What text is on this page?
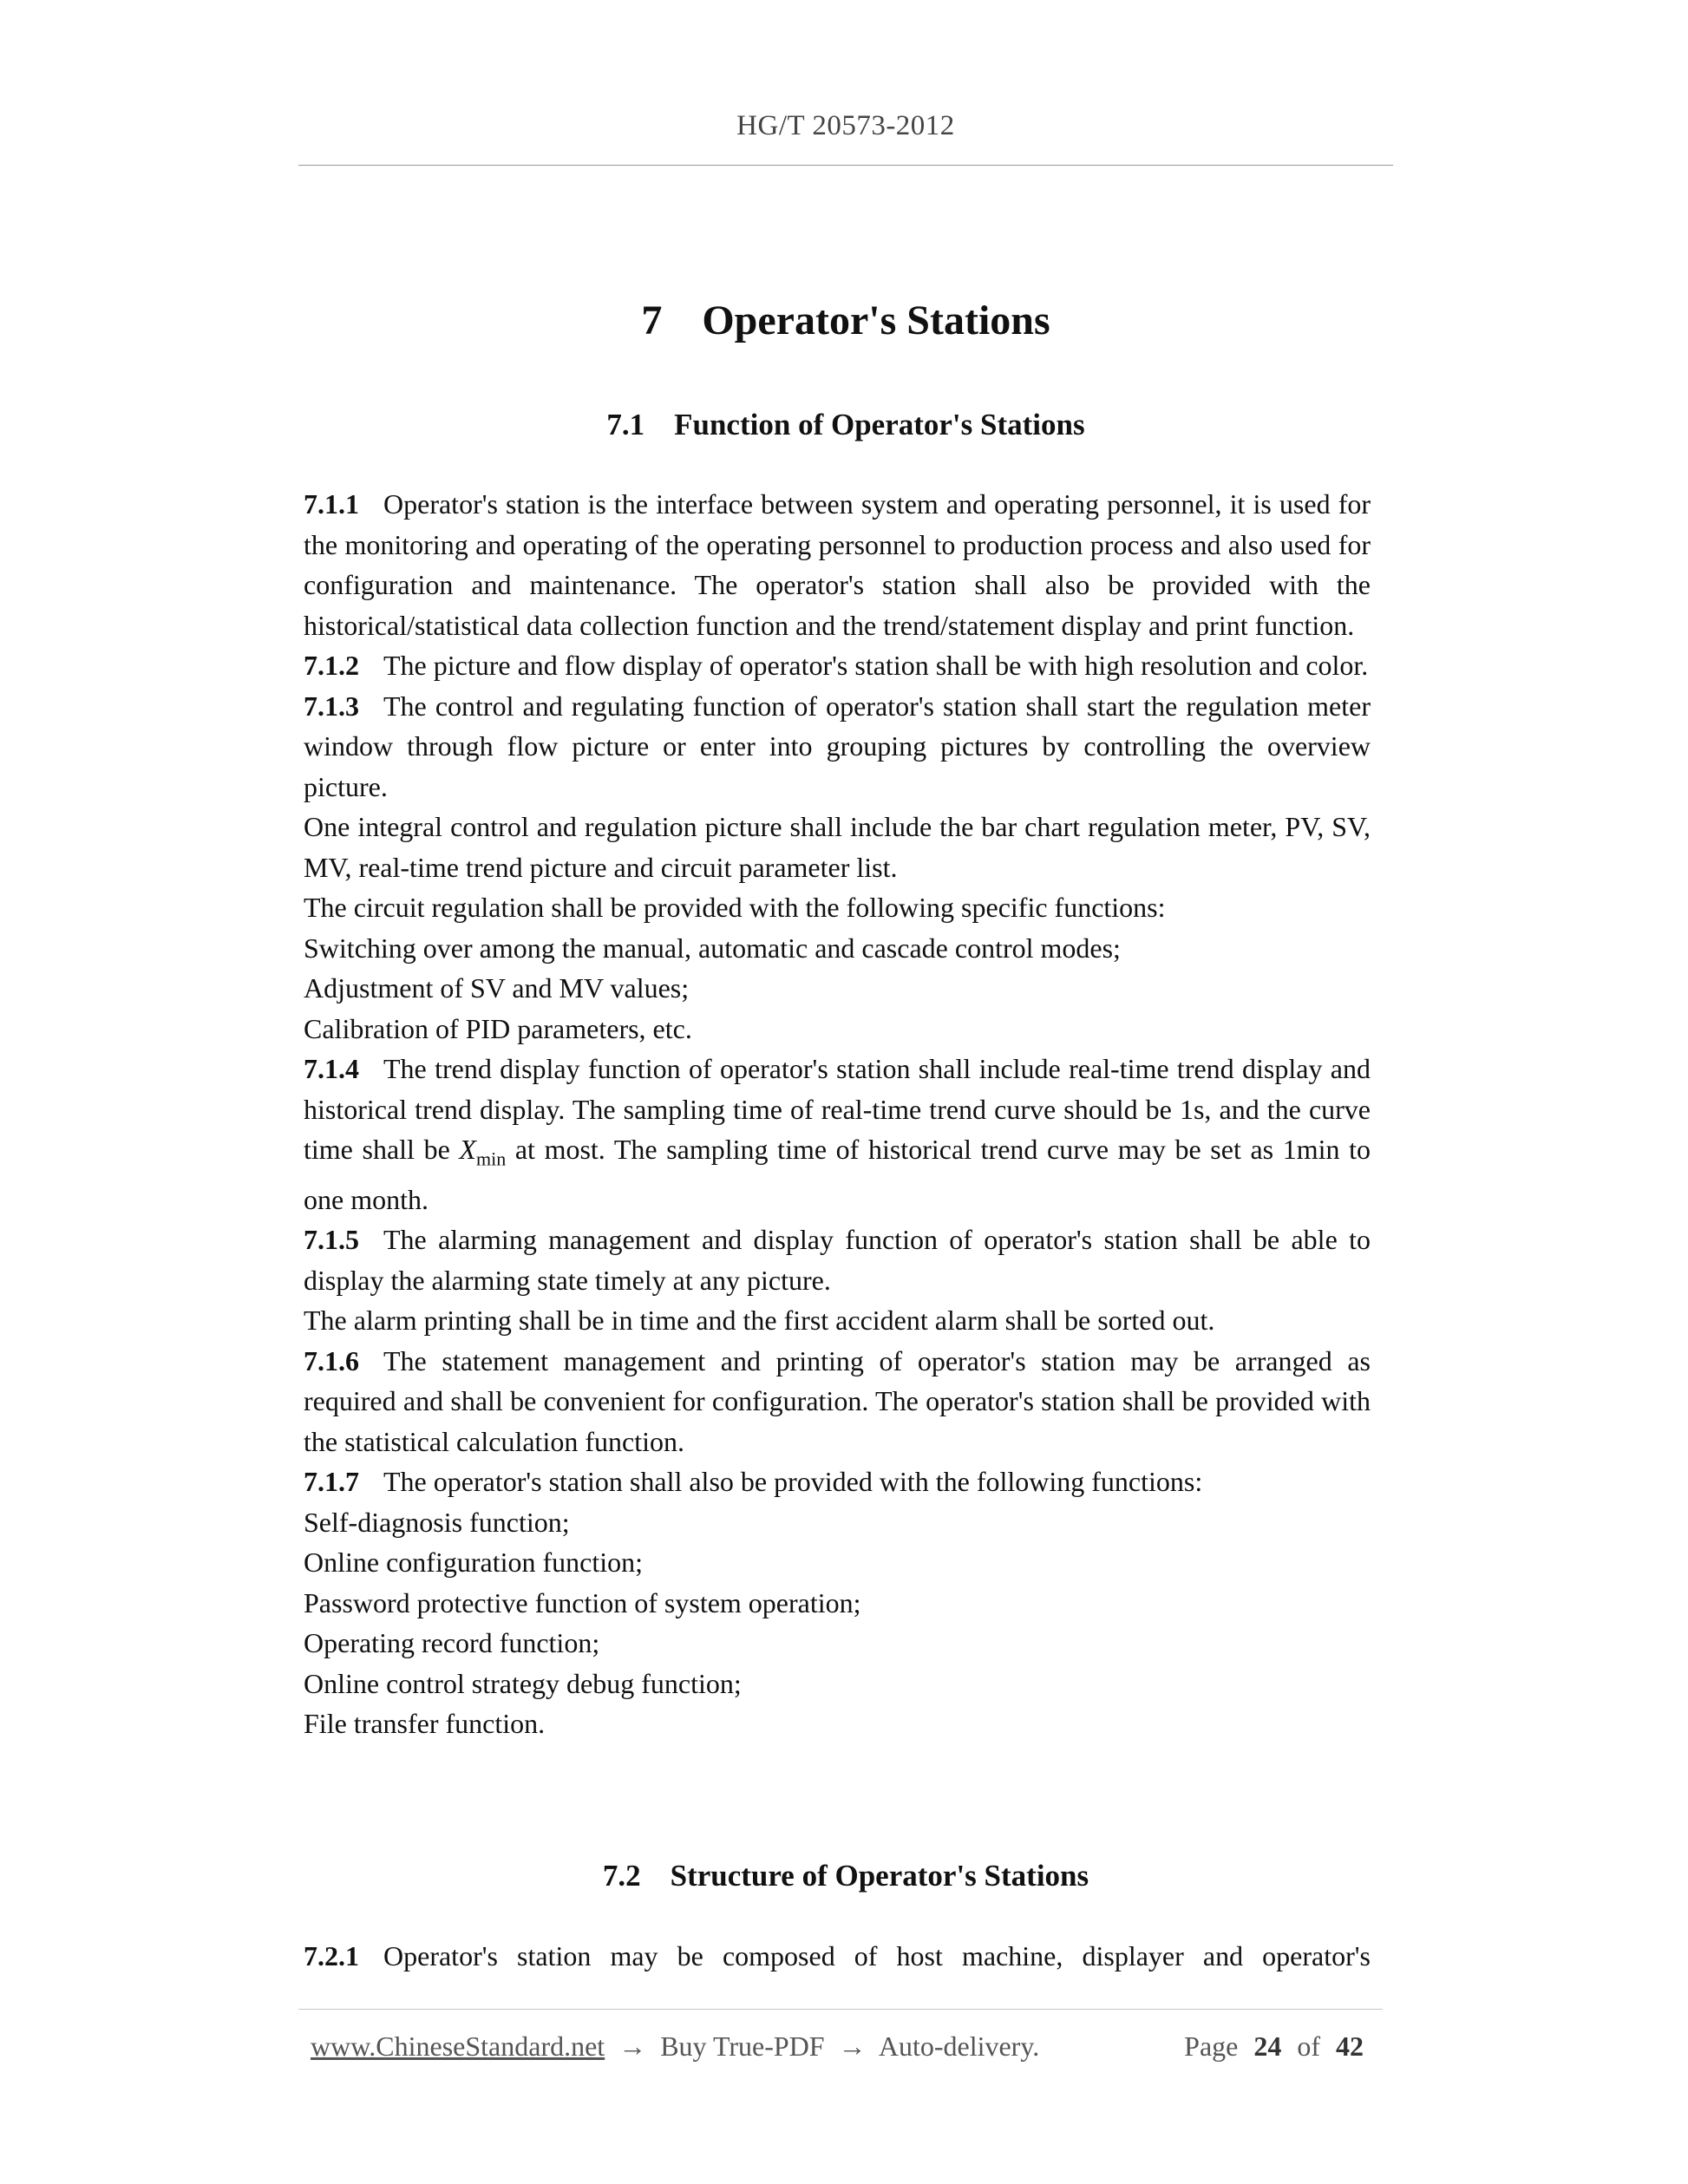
HG/T 20573-2012
7 Operator's Stations
7.1 Function of Operator's Stations

7.1.1 Operator's station is the interface between system and operating personnel, it is used for the monitoring and operating of the operating personnel to production process and also used for configuration and maintenance. The operator's station shall also be provided with the historical/statistical data collection function and the trend/statement display and print function.

7.1.2 The picture and flow display of operator's station shall be with high resolution and color.

7.1.3 The control and regulating function of operator's station shall start the regulation meter window through flow picture or enter into grouping pictures by controlling the overview picture.

One integral control and regulation picture shall include the bar chart regulation meter, PV, SV, MV, real-time trend picture and circuit parameter list.

The circuit regulation shall be provided with the following specific functions:

Switching over among the manual, automatic and cascade control modes;

Adjustment of SV and MV values;

Calibration of PID parameters, etc.

7.1.4 The trend display function of operator's station shall include real-time trend display and historical trend display. The sampling time of real-time trend curve should be 1s, and the curve time shall be $X_{min}$ at most. The sampling time of historical trend curve may be set as 1min to one month.

7.1.5 The alarming management and display function of operator's station shall be able to display the alarming state timely at any picture.

The alarm printing shall be in time and the first accident alarm shall be sorted out.

7.1.6 The statement management and printing of operator's station may be arranged as required and shall be convenient for configuration. The operator's station shall be provided with the statistical calculation function.

7.1.7 The operator's station shall also be provided with the following functions:

Self-diagnosis function;

Online configuration function;

Password protective function of system operation;

Operating record function;

Online control strategy debug function;

File transfer function.

7.2 Structure of Operator's Stations

7.2.1 Operator's station may be composed of host machine, displayer and operator's

www.ChineseStandard.net → Buy True-PDF → Auto-delivery.	Page 24 of 42
